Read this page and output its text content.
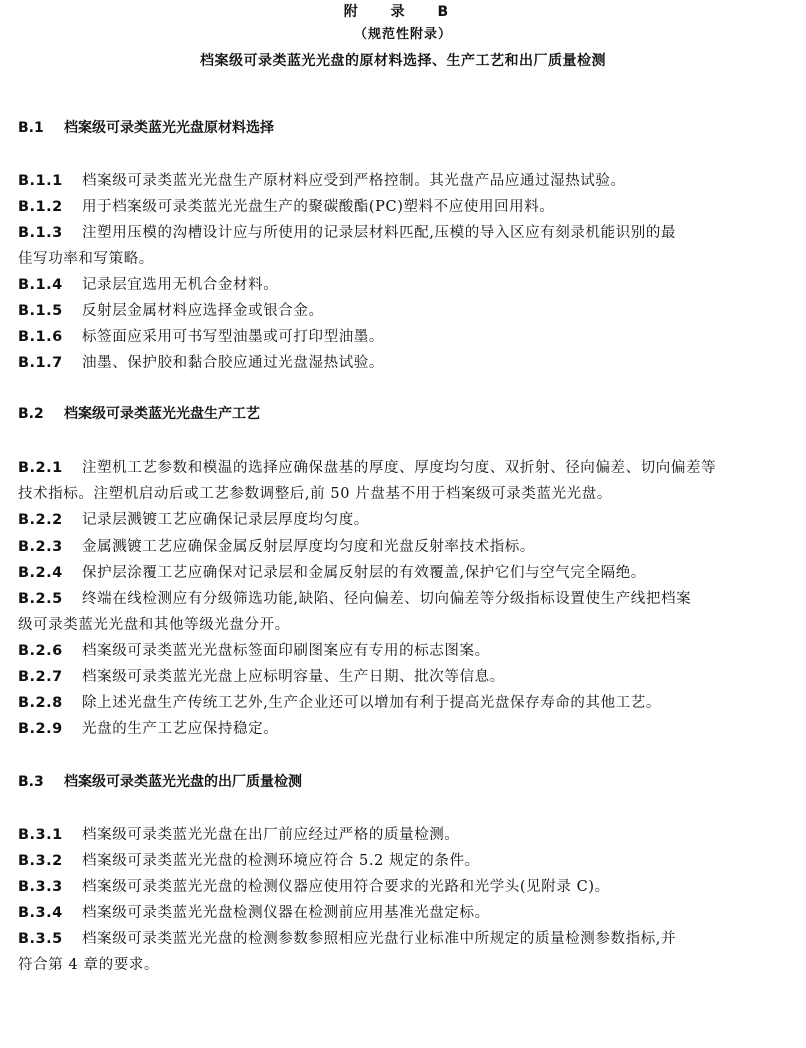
附 录 B
（规范性附录）
档案级可录类蓝光光盘的原材料选择、生产工艺和出厂质量检测
B.1 档案级可录类蓝光光盘原材料选择
B.1.1 档案级可录类蓝光光盘生产原材料应受到严格控制。其光盘产品应通过湿热试验。
B.1.2 用于档案级可录类蓝光光盘生产的聚碳酸酯(PC)塑料不应使用回用料。
B.1.3 注塑用压模的沟槽设计应与所使用的记录层材料匹配,压模的导入区应有刻录机能识别的最
佳写功率和写策略。
B.1.4 记录层宜选用无机合金材料。
B.1.5 反射层金属材料应选择金或银合金。
B.1.6 标签面应采用可书写型油墨或可打印型油墨。
B.1.7 油墨、保护胶和黏合胶应通过光盘湿热试验。
B.2 档案级可录类蓝光光盘生产工艺
B.2.1 注塑机工艺参数和模温的选择应确保盘基的厚度、厚度均匀度、双折射、径向偏差、切向偏差等
技术指标。注塑机启动后或工艺参数调整后,前 50 片盘基不用于档案级可录类蓝光光盘。
B.2.2 记录层溅镀工艺应确保记录层厚度均匀度。
B.2.3 金属溅镀工艺应确保金属反射层厚度均匀度和光盘反射率技术指标。
B.2.4 保护层涂覆工艺应确保对记录层和金属反射层的有效覆盖,保护它们与空气完全隔绝。
B.2.5 终端在线检测应有分级筛选功能,缺陷、径向偏差、切向偏差等分级指标设置使生产线把档案
级可录类蓝光光盘和其他等级光盘分开。
B.2.6 档案级可录类蓝光光盘标签面印刷图案应有专用的标志图案。
B.2.7 档案级可录类蓝光光盘上应标明容量、生产日期、批次等信息。
B.2.8 除上述光盘生产传统工艺外,生产企业还可以增加有利于提高光盘保存寿命的其他工艺。
B.2.9 光盘的生产工艺应保持稳定。
B.3 档案级可录类蓝光光盘的出厂质量检测
B.3.1 档案级可录类蓝光光盘在出厂前应经过严格的质量检测。
B.3.2 档案级可录类蓝光光盘的检测环境应符合 5.2 规定的条件。
B.3.3 档案级可录类蓝光光盘的检测仪器应使用符合要求的光路和光学头(见附录 C)。
B.3.4 档案级可录类蓝光光盘检测仪器在检测前应用基准光盘定标。
B.3.5 档案级可录类蓝光光盘的检测参数参照相应光盘行业标准中所规定的质量检测参数指标,并
符合第 4 章的要求。
